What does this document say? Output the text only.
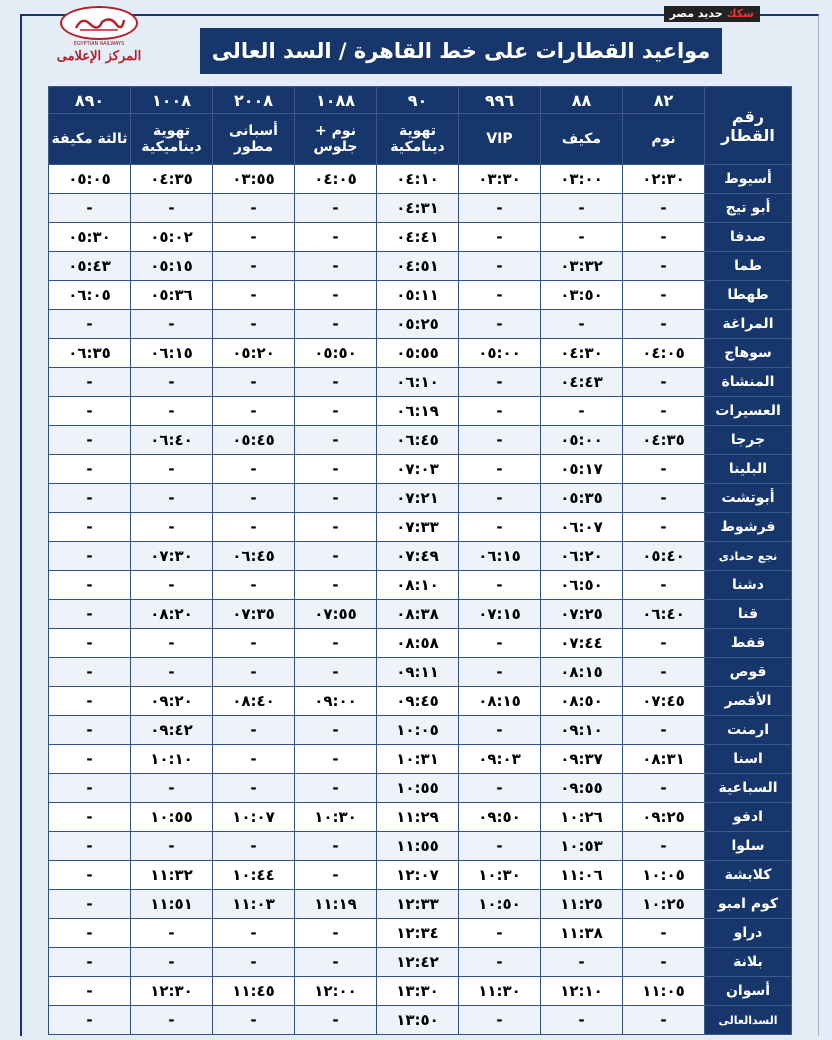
EGYPTIAN RAILWAYS
المركز الإعلامى
سكك حديد مصر
مواعيد القطارات على خط القاهرة / السد العالى
رقم القطار	٨٢	٨٨	٩٩٦	٩٠	١٠٨٨	٢٠٠٨	١٠٠٨	٨٩٠
	نوم	مكيف	VIP	تهوية دينامكية	نوم + جلوس	أسبانى مطور	تهوية ديناميكية	ثالثة مكيفة
أسيوط	٠٢:٣٠	٠٣:٠٠	٠٣:٣٠	٠٤:١٠	٠٤:٠٥	٠٣:٥٥	٠٤:٣٥	٠٥:٠٥
أبو تيج	-	-	-	٠٤:٣١	-	-	-	-
صدفا	-	-	-	٠٤:٤١	-	-	٠٥:٠٢	٠٥:٣٠
طما	-	٠٣:٣٢	-	٠٤:٥١	-	-	٠٥:١٥	٠٥:٤٣
طهطا	-	٠٣:٥٠	-	٠٥:١١	-	-	٠٥:٣٦	٠٦:٠٥
المراغة	-	-	-	٠٥:٢٥	-	-	-	-
سوهاج	٠٤:٠٥	٠٤:٣٠	٠٥:٠٠	٠٥:٥٥	٠٥:٥٠	٠٥:٢٠	٠٦:١٥	٠٦:٣٥
المنشاة	-	٠٤:٤٣	-	٠٦:١٠	-	-	-	-
العسيرات	-	-	-	٠٦:١٩	-	-	-	-
جرجا	٠٤:٣٥	٠٥:٠٠	-	٠٦:٤٥	-	٠٥:٤٥	٠٦:٤٠	-
البلينا	-	٠٥:١٧	-	٠٧:٠٣	-	-	-	-
أبوتشت	-	٠٥:٣٥	-	٠٧:٢١	-	-	-	-
فرشوط	-	٠٦:٠٧	-	٠٧:٣٣	-	-	-	-
نجع حمادى	٠٥:٤٠	٠٦:٢٠	٠٦:١٥	٠٧:٤٩	-	٠٦:٤٥	٠٧:٣٠	-
دشنا	-	٠٦:٥٠	-	٠٨:١٠	-	-	-	-
قنا	٠٦:٤٠	٠٧:٢٥	٠٧:١٥	٠٨:٣٨	٠٧:٥٥	٠٧:٣٥	٠٨:٢٠	-
قفط	-	٠٧:٤٤	-	٠٨:٥٨	-	-	-	-
قوص	-	٠٨:١٥	-	٠٩:١١	-	-	-	-
الأقصر	٠٧:٤٥	٠٨:٥٠	٠٨:١٥	٠٩:٤٥	٠٩:٠٠	٠٨:٤٠	٠٩:٢٠	-
ارمنت	-	٠٩:١٠	-	١٠:٠٥	-	-	٠٩:٤٢	-
اسنا	٠٨:٣١	٠٩:٣٧	٠٩:٠٣	١٠:٣١	-	-	١٠:١٠	-
السباعية	-	٠٩:٥٥	-	١٠:٥٥	-	-	-	-
ادفو	٠٩:٢٥	١٠:٢٦	٠٩:٥٠	١١:٢٩	١٠:٣٠	١٠:٠٧	١٠:٥٥	-
سلوا	-	١٠:٥٣	-	١١:٥٥	-	-	-	-
كلابشة	١٠:٠٥	١١:٠٦	١٠:٣٠	١٢:٠٧	-	١٠:٤٤	١١:٣٢	-
كوم امبو	١٠:٢٥	١١:٢٥	١٠:٥٠	١٢:٣٣	١١:١٩	١١:٠٣	١١:٥١	-
دراو	-	١١:٣٨	-	١٢:٣٤	-	-	-	-
بلانة	-	-	-	١٢:٤٢	-	-	-	-
أسوان	١١:٠٥	١٢:١٠	١١:٣٠	١٣:٣٠	١٢:٠٠	١١:٤٥	١٢:٣٠	-
السدالعالى	-	-	-	١٣:٥٠	-	-	-	-
